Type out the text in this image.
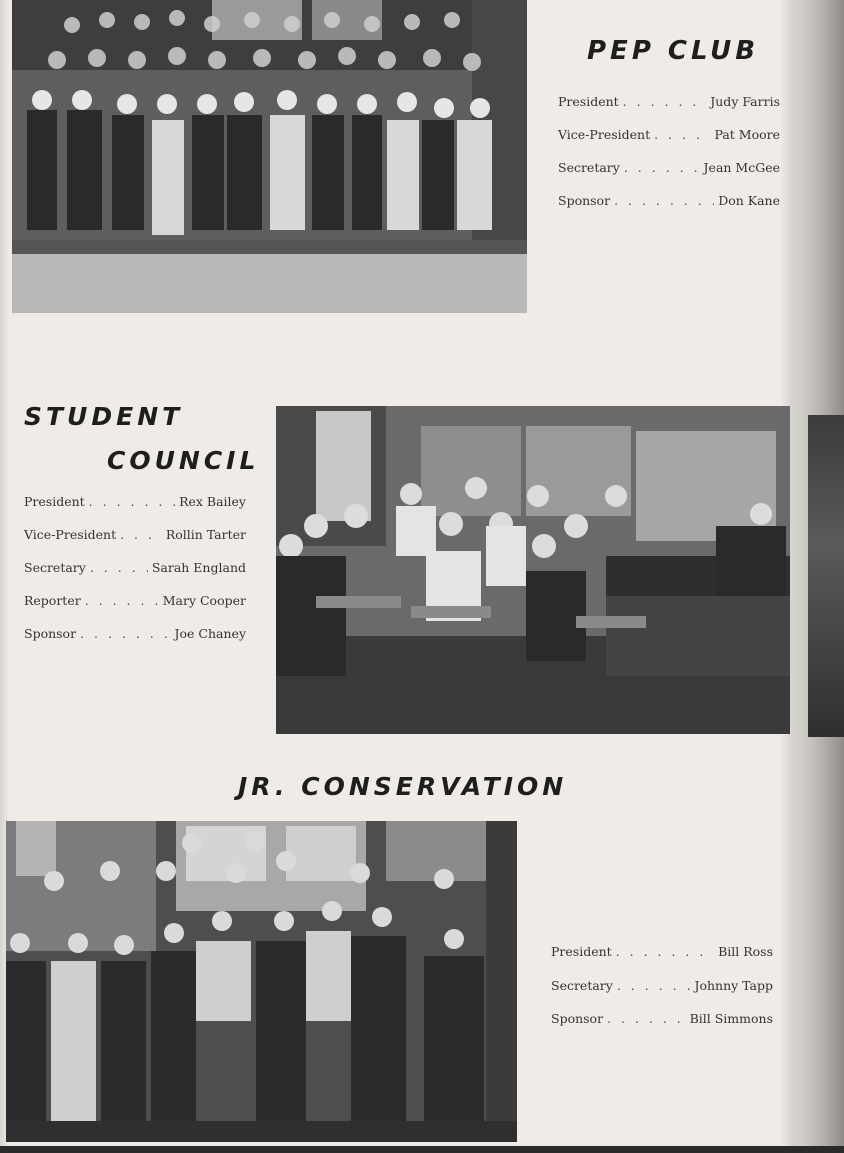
PEP CLUB
President . . .	Judy Farris
Vice-President . . .	Pat Moore
Secretary . . .	Jean McGee
Sponsor . . .	Don Kane
STUDENT
COUNCIL
President . . .	Rex Bailey
Vice-President . . .	Rollin Tarter
Secretary . . .	Sarah England
Reporter . . .	Mary Cooper
Sponsor . . .	Joe Chaney
JR. CONSERVATION
President . . .	Bill Ross
Secretary . . .	Johnny Tapp
Sponsor . . .	Bill Simmons
